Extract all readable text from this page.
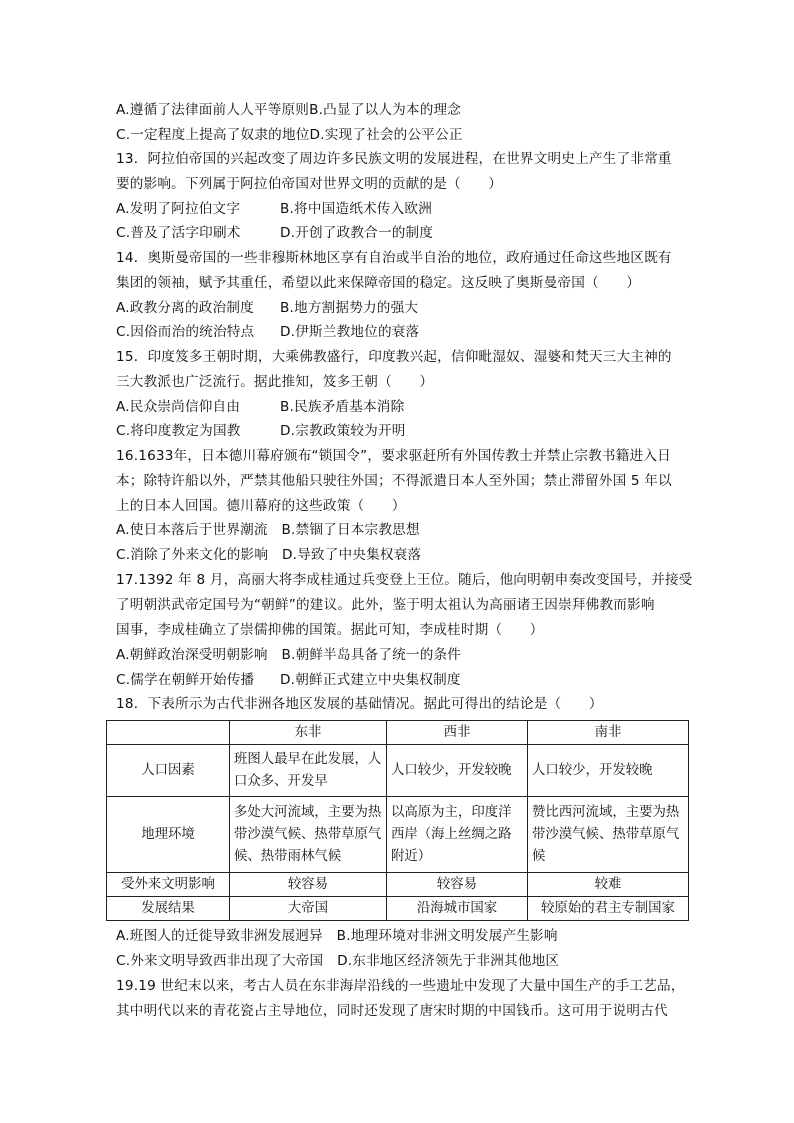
A.遵循了法律面前人人平等原则B.凸显了以人为本的理念
C.一定程度上提高了奴隶的地位D.实现了社会的公平公正
13．阿拉伯帝国的兴起改变了周边许多民族文明的发展进程，在世界文明史上产生了非常重
要的影响。下列属于阿拉伯帝国对世界文明的贡献的是（　　）
A.发明了阿拉伯文字	B.将中国造纸术传入欧洲
C.普及了活字印刷术	D.开创了政教合一的制度
14．奥斯曼帝国的一些非穆斯林地区享有自治或半自治的地位，政府通过任命这些地区既有
集团的领袖，赋予其重任，希望以此来保障帝国的稳定。这反映了奥斯曼帝国（　　）
A.政教分离的政治制度 B.地方割据势力的强大
C.因俗而治的统治特点 D.伊斯兰教地位的衰落
15．印度笈多王朝时期，大乘佛教盛行，印度教兴起，信仰毗湿奴、湿婆和梵天三大主神的
三大教派也广泛流行。据此推知，笈多王朝（　　）
A.民众崇尚信仰自由	B.民族矛盾基本消除
C.将印度教定为国教	D.宗教政策较为开明
16.1633年，日本德川幕府颁布“锁国令”，要求驱赶所有外国传教士并禁止宗教书籍进入日
本；除特许船以外，严禁其他船只驶往外国；不得派遣日本人至外国；禁止滞留外国 5 年以
上的日本人回国。德川幕府的这些政策（　　）
A.使日本落后于世界潮流　B.禁锢了日本宗教思想
C.消除了外来文化的影响　D.导致了中央集权衰落
17.1392 年 8 月，高丽大将李成桂通过兵变登上王位。随后，他向明朝申奏改变国号，并接受
了明朝洪武帝定国号为“朝鲜”的建议。此外，鉴于明太祖认为高丽诸王因崇拜佛教而影响
国事，李成桂确立了崇儒抑佛的国策。据此可知，李成桂时期（　　）
A.朝鲜政治深受明朝影响　B.朝鲜半岛具备了统一的条件
C.儒学在朝鲜开始传播 D.朝鲜正式建立中央集权制度
18．下表所示为古代非洲各地区发展的基础情况。据此可得出的结论是（　　）
	东非	西非	南非
人口因素	班图人最早在此发展，人口众多、开发早	人口较少，开发较晚	人口较少，开发较晚
地理环境	多处大河流域，主要为热带沙漠气候、热带草原气候、热带雨林气候	以高原为主，印度洋西岸（海上丝绸之路附近）	赞比西河流域，主要为热带沙漠气候、热带草原气候
受外来文明影响	较容易	较容易	较难
发展结果	大帝国	沿海城市国家	较原始的君主专制国家
A.班图人的迁徙导致非洲发展迥异　B.地理环境对非洲文明发展产生影响
C.外来文明导致西非出现了大帝国　D.东非地区经济领先于非洲其他地区
19.19 世纪末以来，考古人员在东非海岸沿线的一些遗址中发现了大量中国生产的手工艺品，
其中明代以来的青花瓷占主导地位，同时还发现了唐宋时期的中国钱币。这可用于说明古代
